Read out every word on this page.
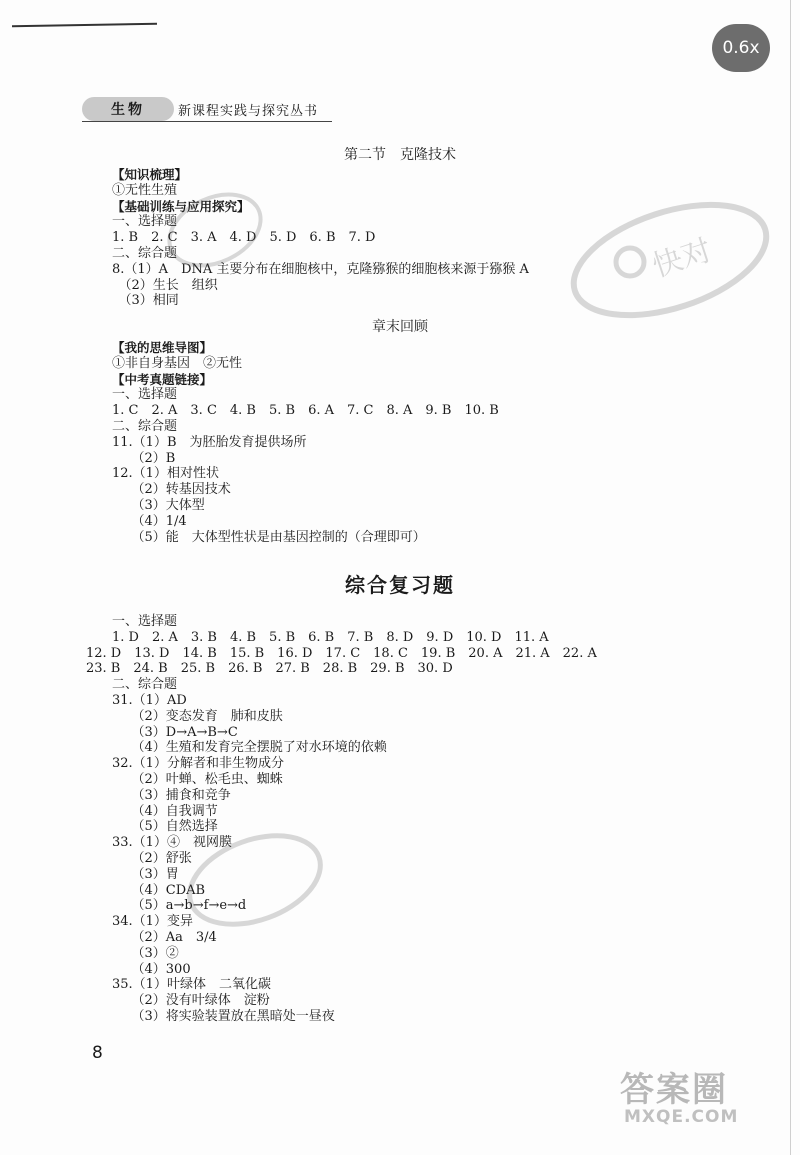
0.6x
生物	新课程实践与探究丛书
第二节　克隆技术
【知识梳理】
①无性生殖
【基础训练与应用探究】
一、选择题
1. B　2. C　3. A　4. D　5. D　6. B　7. D
二、综合题
8.（1）A　DNA 主要分布在细胞核中，克隆猕猴的细胞核来源于猕猴 A
　（2）生长　组织
　（3）相同
章末回顾
【我的思维导图】
①非自身基因　②无性
【中考真题链接】
一、选择题
1. C　2. A　3. C　4. B　5. B　6. A　7. C　8. A　9. B　10. B
二、综合题
11.（1）B　为胚胎发育提供场所
　　（2）B
12.（1）相对性状
　　（2）转基因技术
　　（3）大体型
　　（4）1/4
　　（5）能　大体型性状是由基因控制的（合理即可）
综合复习题
一、选择题
1. D　2. A　3. B　4. B　5. B　6. B　7. B　8. D　9. D　10. D　11. A
12. D　13. D　14. B　15. B　16. D　17. C　18. C　19. B　20. A　21. A　22. A
23. B　24. B　25. B　26. B　27. B　28. B　29. B　30. D
二、综合题
31.（1）AD
　　（2）变态发育　肺和皮肤
　　（3）D→A→B→C
　　（4）生殖和发育完全摆脱了对水环境的依赖
32.（1）分解者和非生物成分
　　（2）叶蝉、松毛虫、蜘蛛
　　（3）捕食和竞争
　　（4）自我调节
　　（5）自然选择
33.（1）④　视网膜
　　（2）舒张
　　（3）胃
　　（4）CDAB
　　（5）a→b→f→e→d
34.（1）变异
　　（2）Aa　3/4
　　（3）②
　　（4）300
35.（1）叶绿体　二氧化碳
　　（2）没有叶绿体　淀粉
　　（3）将实验装置放在黑暗处一昼夜
8
快对
答案圈
MXQE.COM
